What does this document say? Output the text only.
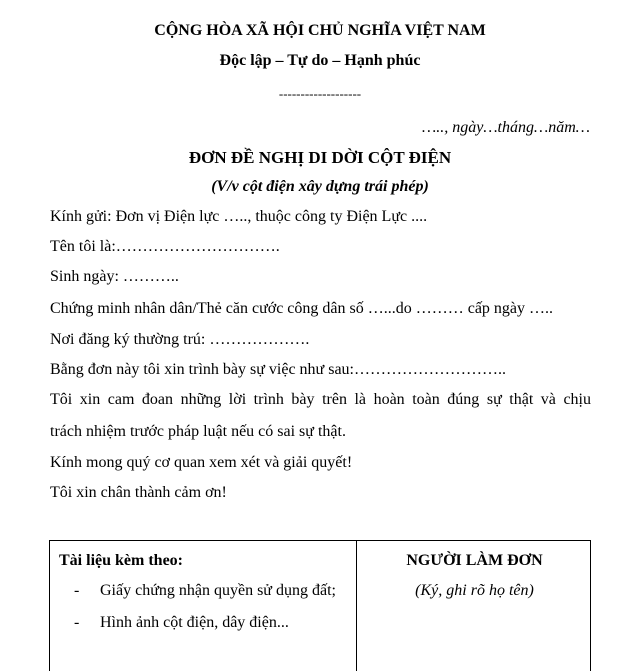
CỘNG HÒA XÃ HỘI CHỦ NGHĨA VIỆT NAM
Độc lập – Tự do – Hạnh phúc
-------------------
….., ngày…tháng…năm…
ĐƠN ĐỀ NGHỊ DI DỜI CỘT ĐIỆN
(V/v cột điện xây dựng trái phép)
Kính gửi: Đơn vị Điện lực ….., thuộc công ty Điện Lực ....
Tên tôi là:………………………….
Sinh ngày: ………..
Chứng minh nhân dân/Thẻ căn cước công dân số …...do ……… cấp ngày …..
Nơi đăng ký thường trú: ……………….
Bằng đơn này tôi xin trình bày sự việc như sau:………………………..
Tôi xin cam đoan những lời trình bày trên là hoàn toàn đúng sự thật và chịu
trách nhiệm trước pháp luật nếu có sai sự thật.
Kính mong quý cơ quan xem xét và giải quyết!
Tôi xin chân thành cảm ơn!
Tài liệu kèm theo:
- Giấy chứng nhận quyền sử dụng đất;
- Hình ảnh cột điện, dây điện...
NGƯỜI LÀM ĐƠN
(Ký, ghi rõ họ tên)
